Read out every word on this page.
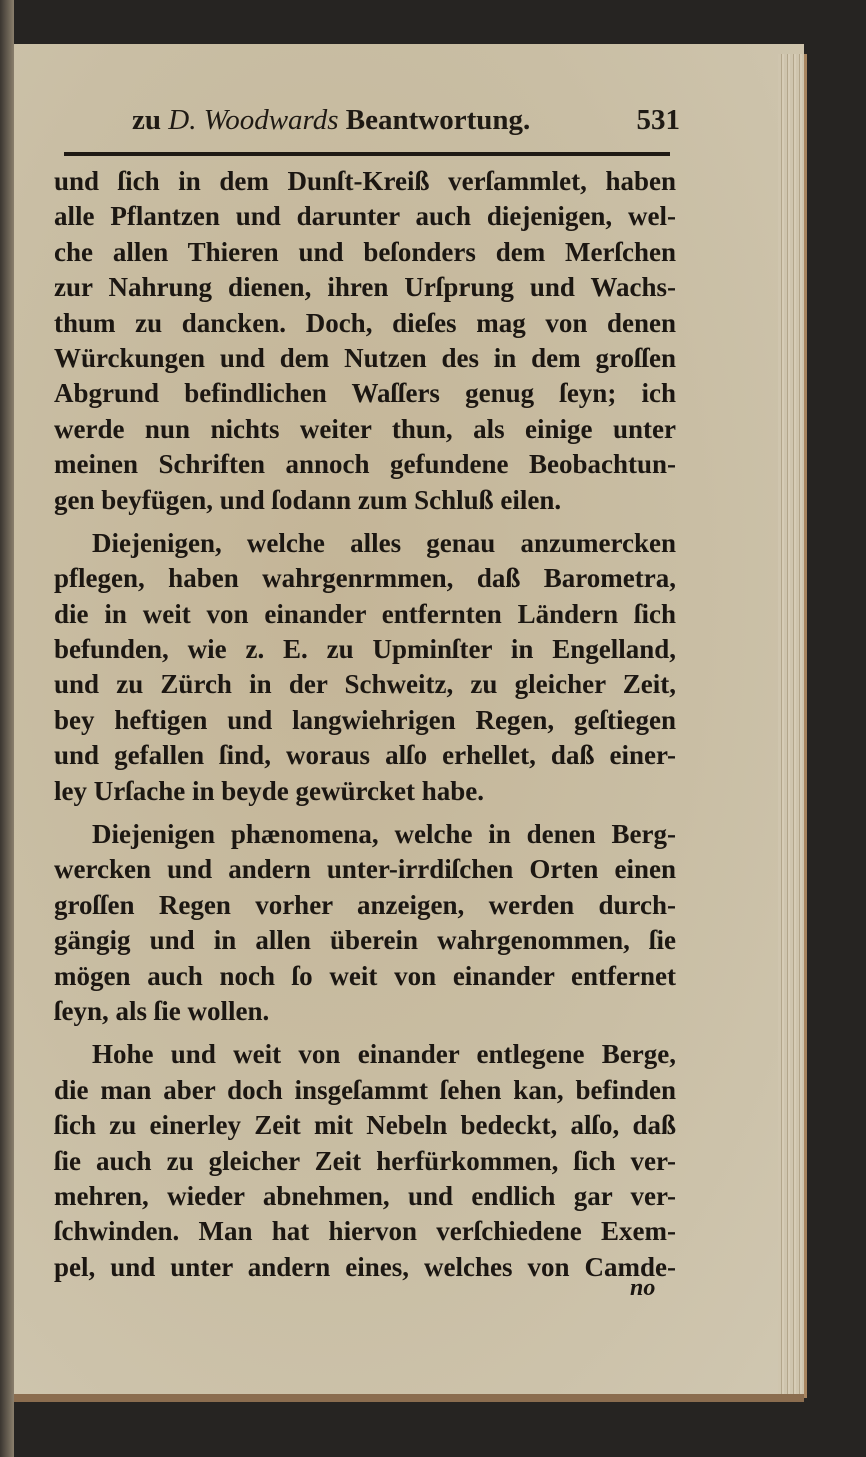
zu D. Woodwards Beantwortung.	531
und ſich in dem Dunſt-Kreiß verſammlet, haben
alle Pflantzen und darunter auch diejenigen, wel-
che allen Thieren und beſonders dem Merſchen
zur Nahrung dienen, ihren Urſprung und Wachs-
thum zu dancken. Doch, dieſes mag von denen
Würckungen und dem Nutzen des in dem groſſen
Abgrund befindlichen Waſſers genug ſeyn; ich
werde nun nichts weiter thun, als einige unter
meinen Schriften annoch gefundene Beobachtun-
gen beyfügen, und ſodann zum Schluß eilen.
Diejenigen, welche alles genau anzumercken
pflegen, haben wahrgenrmmen, daß Barometra,
die in weit von einander entfernten Ländern ſich
befunden, wie z. E. zu Upminſter in Engelland,
und zu Zürch in der Schweitz, zu gleicher Zeit,
bey heftigen und langwiehrigen Regen, geſtiegen
und gefallen ſind, woraus alſo erhellet, daß einer-
ley Urſache in beyde gewürcket habe.
Diejenigen phænomena, welche in denen Berg-
wercken und andern unter-irrdiſchen Orten einen
groſſen Regen vorher anzeigen, werden durch-
gängig und in allen überein wahrgenommen, ſie
mögen auch noch ſo weit von einander entfernet
ſeyn, als ſie wollen.
Hohe und weit von einander entlegene Berge,
die man aber doch insgeſammt ſehen kan, befinden
ſich zu einerley Zeit mit Nebeln bedeckt, alſo, daß
ſie auch zu gleicher Zeit herfürkommen, ſich ver-
mehren, wieder abnehmen, und endlich gar ver-
ſchwinden. Man hat hiervon verſchiedene Exem-
pel, und unter andern eines, welches von Camde-
no
